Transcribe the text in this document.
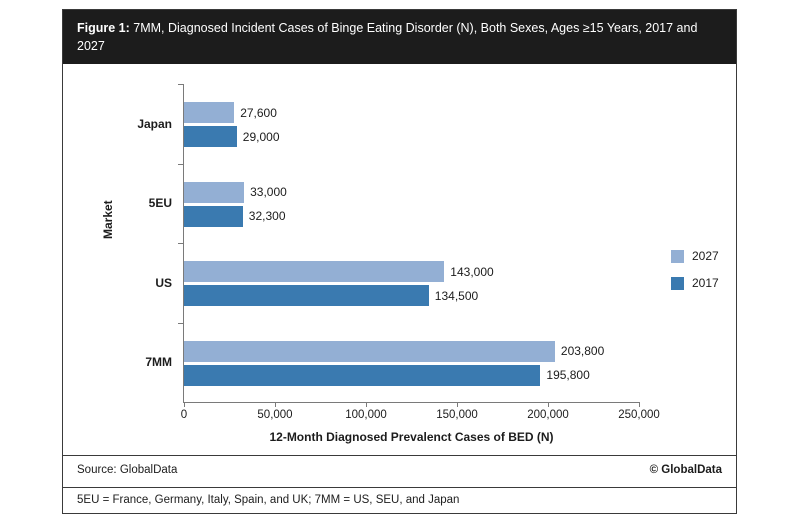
Figure 1: 7MM, Diagnosed Incident Cases of Binge Eating Disorder (N), Both Sexes, Ages ≥15 Years, 2017 and 2027
Market
Japan
27,600
29,000
5EU
33,000
32,300
US
143,000
134,500
7MM
203,800
195,800
0	50,000	100,000	150,000	200,000	250,000
12-Month Diagnosed Prevalenct Cases of BED (N)
2027
2017
Source: GlobalData	© GlobalData
5EU = France, Germany, Italy, Spain, and UK; 7MM = US, SEU, and Japan
